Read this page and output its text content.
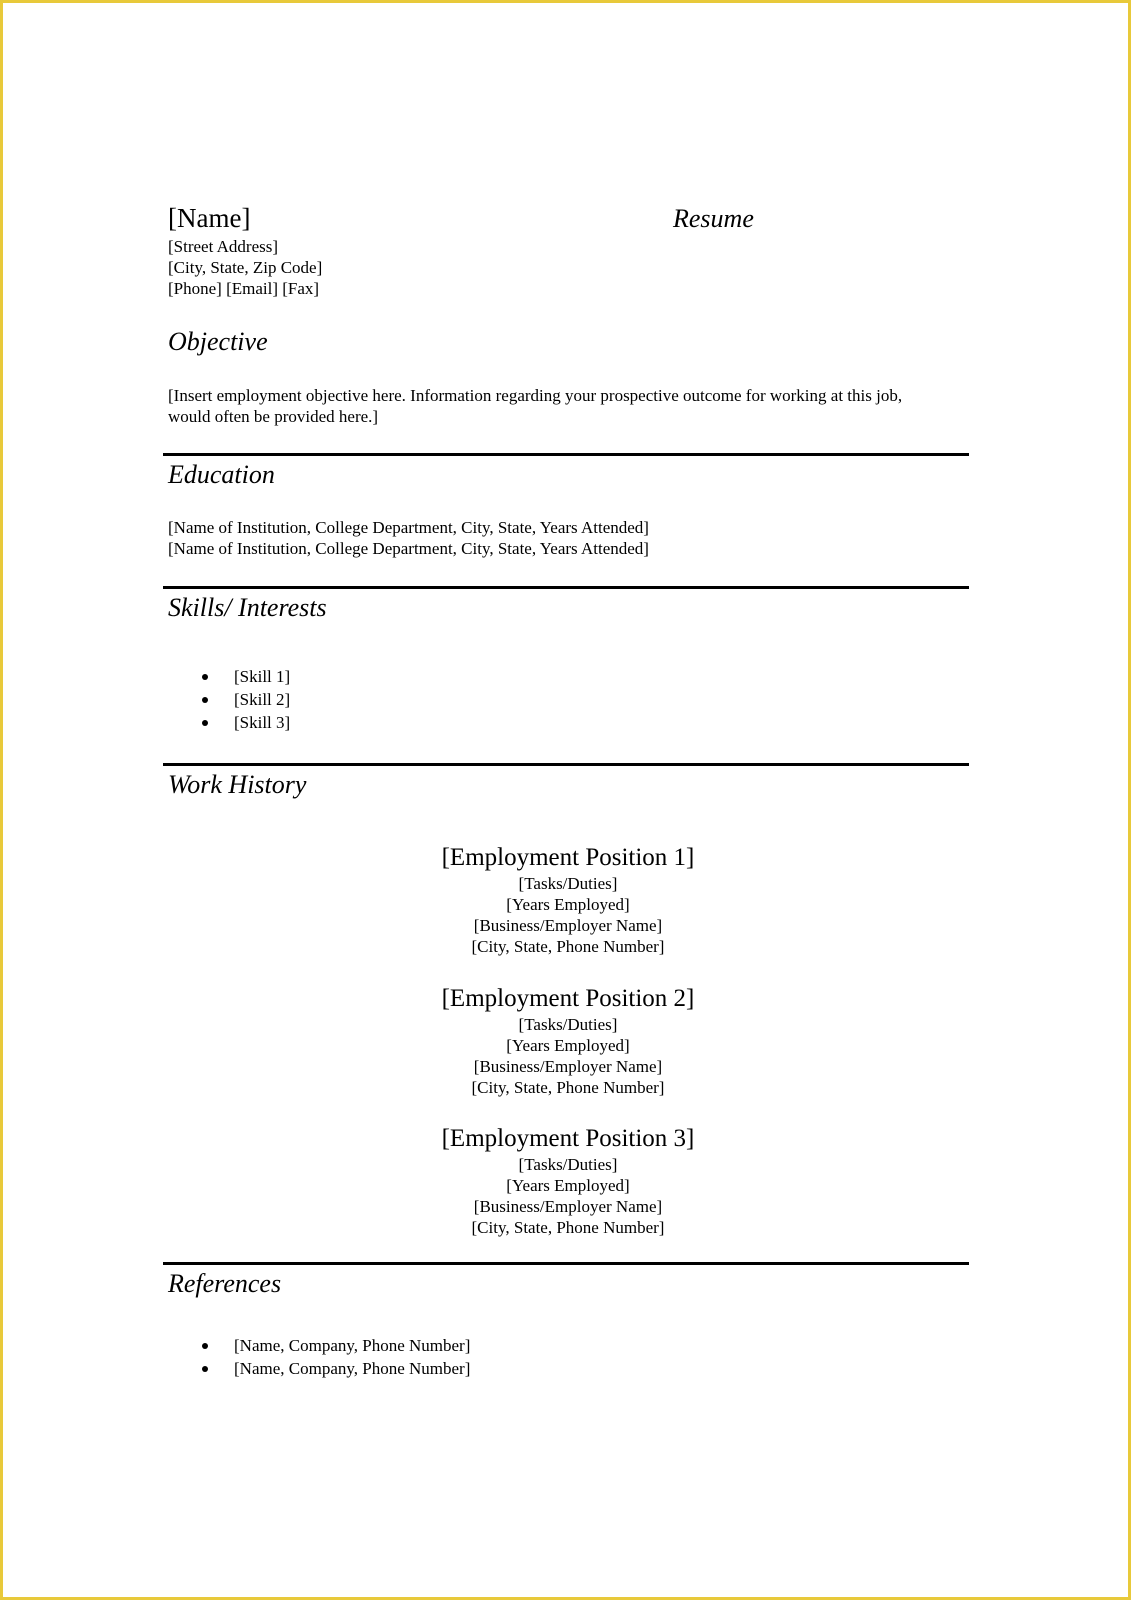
[Name]	Resume
[Street Address]
[City, State, Zip Code]
[Phone] [Email] [Fax]
Objective
[Insert employment objective here. Information regarding your prospective outcome for working at this job,
would often be provided here.]
Education
[Name of Institution, College Department, City, State, Years Attended]
[Name of Institution, College Department, City, State, Years Attended]
Skills/ Interests
[Skill 1]
[Skill 2]
[Skill 3]
Work History
[Employment Position 1]
[Tasks/Duties]
[Years Employed]
[Business/Employer Name]
[City, State, Phone Number]
[Employment Position 2]
[Tasks/Duties]
[Years Employed]
[Business/Employer Name]
[City, State, Phone Number]
[Employment Position 3]
[Tasks/Duties]
[Years Employed]
[Business/Employer Name]
[City, State, Phone Number]
References
[Name, Company, Phone Number]
[Name, Company, Phone Number]
